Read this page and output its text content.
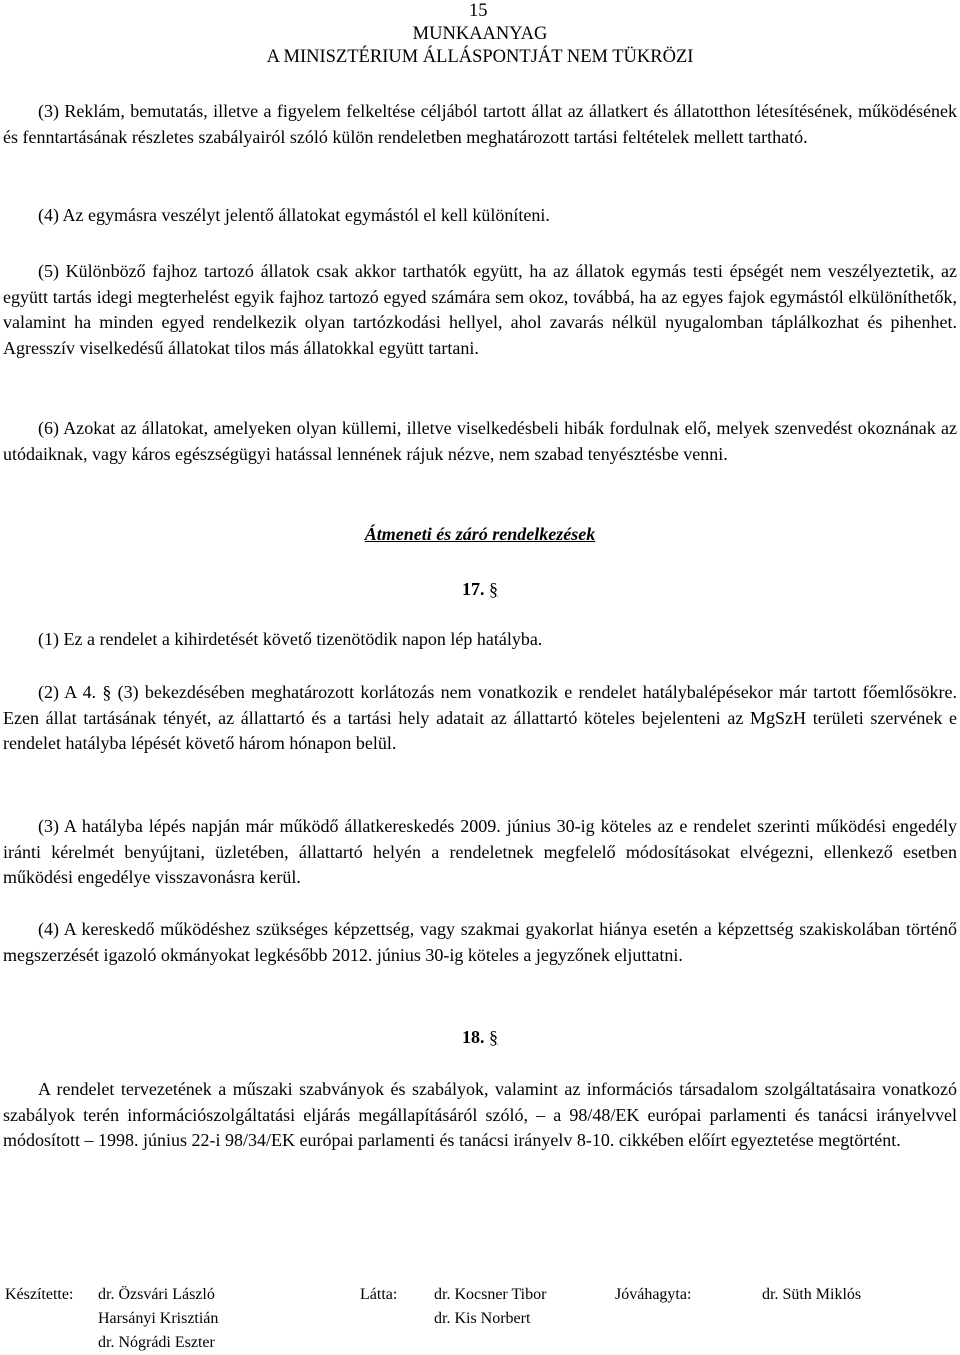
15
MUNKAANYAG
A MINISZTÉRIUM ÁLLÁSPONTJÁT NEM TÜKRÖZI

(3) Reklám, bemutatás, illetve a figyelem felkeltése céljából tartott állat az állatkert és állatotthon létesítésének, működésének és fenntartásának részletes szabályairól szóló külön rendeletben meghatározott tartási feltételek mellett tartható.

(4) Az egymásra veszélyt jelentő állatokat egymástól el kell különíteni.

(5) Különböző fajhoz tartozó állatok csak akkor tarthatók együtt, ha az állatok egymás testi épségét nem veszélyeztetik, az együtt tartás idegi megterhelést egyik fajhoz tartozó egyed számára sem okoz, továbbá, ha az egyes fajok egymástól elkülöníthetők, valamint ha minden egyed rendelkezik olyan tartózkodási hellyel, ahol zavarás nélkül nyugalomban táplálkozhat és pihenhet. Agresszív viselkedésű állatokat tilos más állatokkal együtt tartani.

(6) Azokat az állatokat, amelyeken olyan küllemi, illetve viselkedésbeli hibák fordulnak elő, melyek szenvedést okoznának az utódaiknak, vagy káros egészségügyi hatással lennének rájuk nézve, nem szabad tenyésztésbe venni.

Átmeneti és záró rendelkezések

17. §

(1) Ez a rendelet a kihirdetését követő tizenötödik napon lép hatályba.

(2) A 4. § (3) bekezdésében meghatározott korlátozás nem vonatkozik e rendelet hatálybalépésekor már tartott főemlősökre. Ezen állat tartásának tényét, az állattartó és a tartási hely adatait az állattartó köteles bejelenteni az MgSzH területi szervének e rendelet hatályba lépését követő három hónapon belül.

(3) A hatályba lépés napján már működő állatkereskedés 2009. június 30-ig köteles az e rendelet szerinti működési engedély iránti kérelmét benyújtani, üzletében, állattartó helyén a rendeletnek megfelelő módosításokat elvégezni, ellenkező esetben működési engedélye visszavonásra kerül.

(4) A kereskedő működéshez szükséges képzettség, vagy szakmai gyakorlat hiánya esetén a képzettség szakiskolában történő megszerzését igazoló okmányokat legkésőbb 2012. június 30-ig köteles a jegyzőnek eljuttatni.

18. §

A rendelet tervezetének a műszaki szabványok és szabályok, valamint az információs társadalom szolgáltatásaira vonatkozó szabályok terén információszolgáltatási eljárás megállapításáról szóló, – a 98/48/EK európai parlamenti és tanácsi irányelvvel módosított – 1998. június 22-i 98/34/EK európai parlamenti és tanácsi irányelv 8-10. cikkében előírt egyeztetése megtörtént.

Készítette: dr. Özsvári László
Harsányi Krisztián
dr. Nógrádi Eszter
Látta: dr. Kocsner Tibor
dr. Kis Norbert
Jóváhagyta:	dr. Süth Miklós
